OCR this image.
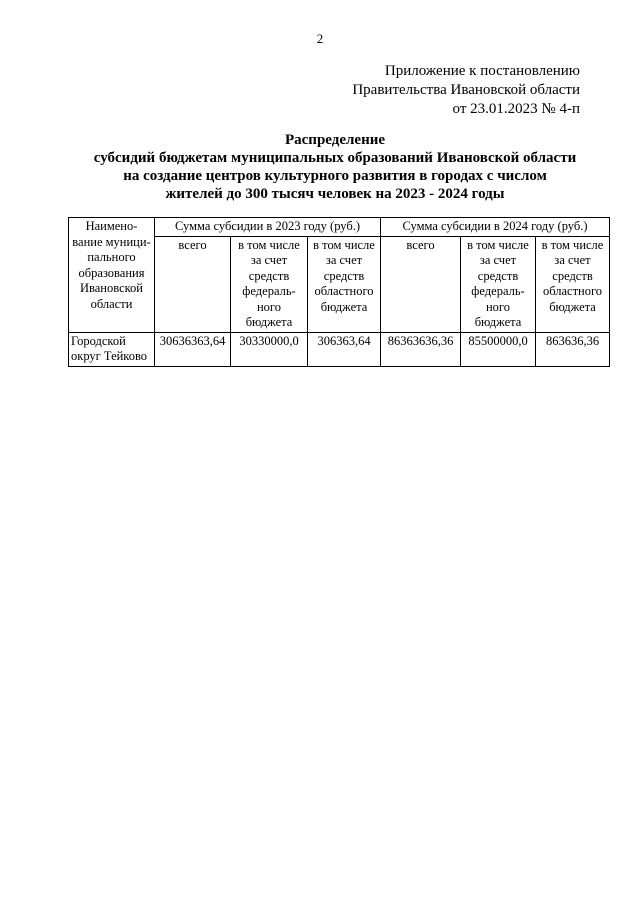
2
Приложение к постановлению
Правительства Ивановской области
от 23.01.2023 № 4-п
Распределение
субсидий бюджетам муниципальных образований Ивановской области
на создание центров культурного развития в городах с числом
жителей до 300 тысяч человек на 2023 - 2024 годы
Наимено-вание муници-пального образования Ивановской области	Сумма субсидии в 2023 году (руб.)			Сумма субсидии в 2024 году (руб.)		
	всего	в том числе за счет средств федераль-ного бюджета	в том числе за счет средств областного бюджета	всего	в том числе за счет средств федераль-ного бюджета	в том числе за счет средств областного бюджета
Городской округ Тейково	30636363,64	30330000,0	306363,64	86363636,36	85500000,0	863636,36
